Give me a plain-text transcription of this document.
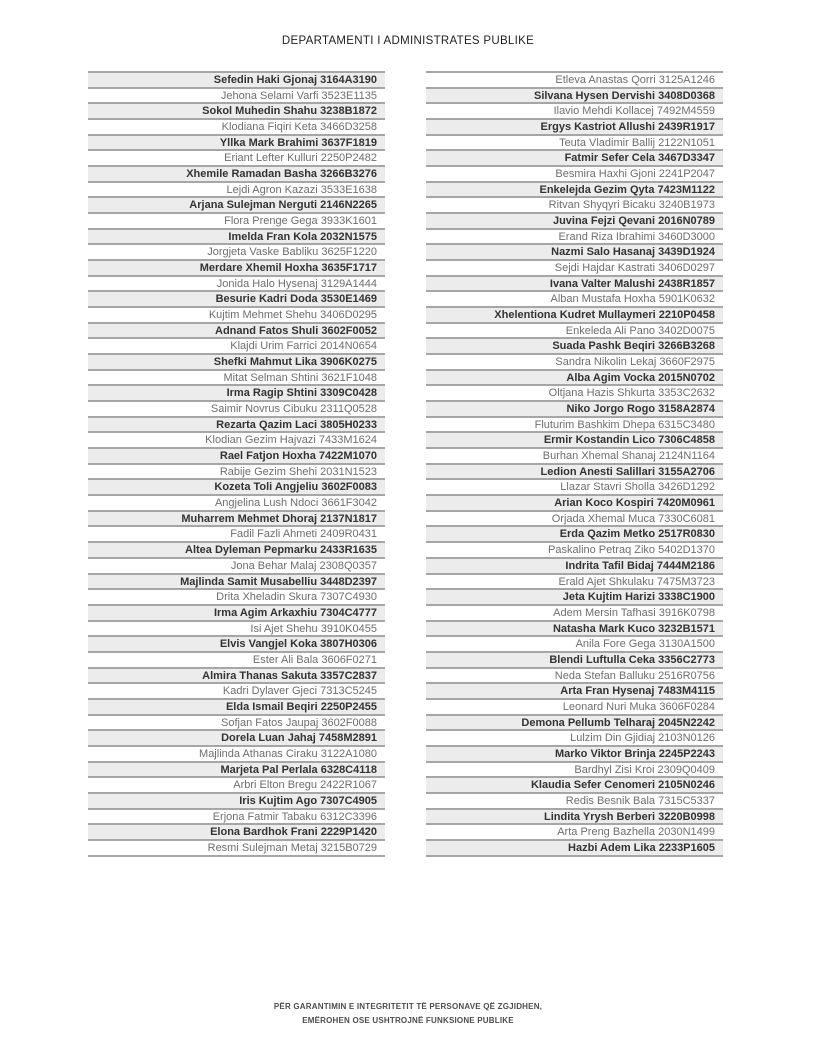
DEPARTAMENTI I ADMINISTRATES PUBLIKE
Sefedin Haki Gjonaj 3164A3190
Jehona Selami Varfi 3523E1135
Sokol Muhedin Shahu 3238B1872
Klodiana Fiqiri Keta 3466D3258
Yllka Mark Brahimi 3637F1819
Eriant Lefter Kulluri 2250P2482
Xhemile Ramadan Basha 3266B3276
Lejdi Agron Kazazi 3533E1638
Arjana Sulejman Nerguti 2146N2265
Flora Prenge Gega 3933K1601
Imelda Fran Kola 2032N1575
Jorgjeta Vaske Babliku 3625F1220
Merdare Xhemil Hoxha 3635F1717
Jonida Halo Hysenaj 3129A1444
Besurie Kadri Doda 3530E1469
Kujtim Mehmet Shehu 3406D0295
Adnand Fatos Shuli 3602F0052
Klajdi Urim Farrici 2014N0654
Shefki Mahmut Lika 3906K0275
Mitat Selman Shtini 3621F1048
Irma Ragip Shtini 3309C0428
Saimir Novrus Cibuku 2311Q0528
Rezarta Qazim Laci 3805H0233
Klodian Gezim Hajvazi 7433M1624
Rael Fatjon Hoxha 7422M1070
Rabije Gezim Shehi 2031N1523
Kozeta Toli Angjeliu 3602F0083
Angjelina Lush Ndoci 3661F3042
Muharrem Mehmet Dhoraj 2137N1817
Fadil Fazli Ahmeti 2409R0431
Altea Dyleman Pepmarku 2433R1635
Jona Behar Malaj 2308Q0357
Majlinda Samit Musabelliu 3448D2397
Drita Xheladin Skura 7307C4930
Irma Agim Arkaxhiu 7304C4777
Isi Ajet Shehu 3910K0455
Elvis Vangjel Koka 3807H0306
Ester Ali Bala 3606F0271
Almira Thanas Sakuta 3357C2837
Kadri Dylaver Gjeci 7313C5245
Elda Ismail Beqiri 2250P2455
Sofjan Fatos Jaupaj 3602F0088
Dorela Luan Jahaj 7458M2891
Majlinda Athanas Ciraku 3122A1080
Marjeta Pal Perlala 6328C4118
Arbri Elton Bregu 2422R1067
Iris Kujtim Ago 7307C4905
Erjona Fatmir Tabaku 6312C3396
Elona Bardhok Frani 2229P1420
Resmi Sulejman Metaj 3215B0729
Etleva Anastas Qorri 3125A1246
Silvana Hysen Dervishi 3408D0368
Ilavio Mehdi Kollacej 7492M4559
Ergys Kastriot Allushi 2439R1917
Teuta Vladimir Ballij 2122N1051
Fatmir Sefer Cela 3467D3347
Besmira Haxhi Gjoni 2241P2047
Enkelejda Gezim Qyta 7423M1122
Ritvan Shyqyri Bicaku 3240B1973
Juvina Fejzi Qevani 2016N0789
Erand Riza Ibrahimi 3460D3000
Nazmi Salo Hasanaj 3439D1924
Sejdi Hajdar Kastrati 3406D0297
Ivana Valter Malushi 2438R1857
Alban Mustafa Hoxha 5901K0632
Xhelentiona Kudret Mullaymeri 2210P0458
Enkeleda Ali Pano 3402D0075
Suada Pashk Beqiri 3266B3268
Sandra Nikolin Lekaj 3660F2975
Alba Agim Vocka 2015N0702
Oltjana Hazis Shkurta 3353C2632
Niko Jorgo Rogo 3158A2874
Fluturim Bashkim Dhepa 6315C3480
Ermir Kostandin Lico 7306C4858
Burhan Xhemal Shanaj 2124N1164
Ledion Anesti Salillari 3155A2706
Llazar Stavri Sholla 3426D1292
Arian Koco Kospiri 7420M0961
Orjada Xhemal Muca 7330C6081
Erda Qazim Metko 2517R0830
Paskalino Petraq Ziko 5402D1370
Indrita Tafil Bidaj 7444M2186
Erald Ajet Shkulaku 7475M3723
Jeta Kujtim Harizi 3338C1900
Adem Mersin Tafhasi 3916K0798
Natasha Mark Kuco 3232B1571
Anila Fore Gega 3130A1500
Blendi Luftulla Ceka 3356C2773
Neda Stefan Balluku 2516R0756
Arta Fran Hysenaj 7483M4115
Leonard Nuri Muka 3606F0284
Demona Pellumb Telharaj 2045N2242
Lulzim Din Gjidiaj 2103N0126
Marko Viktor Brinja 2245P2243
Bardhyl Zisi Kroi 2309Q0409
Klaudia Sefer Cenomeri 2105N0246
Redis Besnik Bala 7315C5337
Lindita Yrysh Berberi 3220B0998
Arta Preng Bazhella 2030N1499
Hazbi Adem Lika 2233P1605
PËR GARANTIMIN E INTEGRITETIT TË PERSONAVE QË ZGJIDHEN,
EMËROHEN OSE USHTROJNË FUNKSIONE PUBLIKE
